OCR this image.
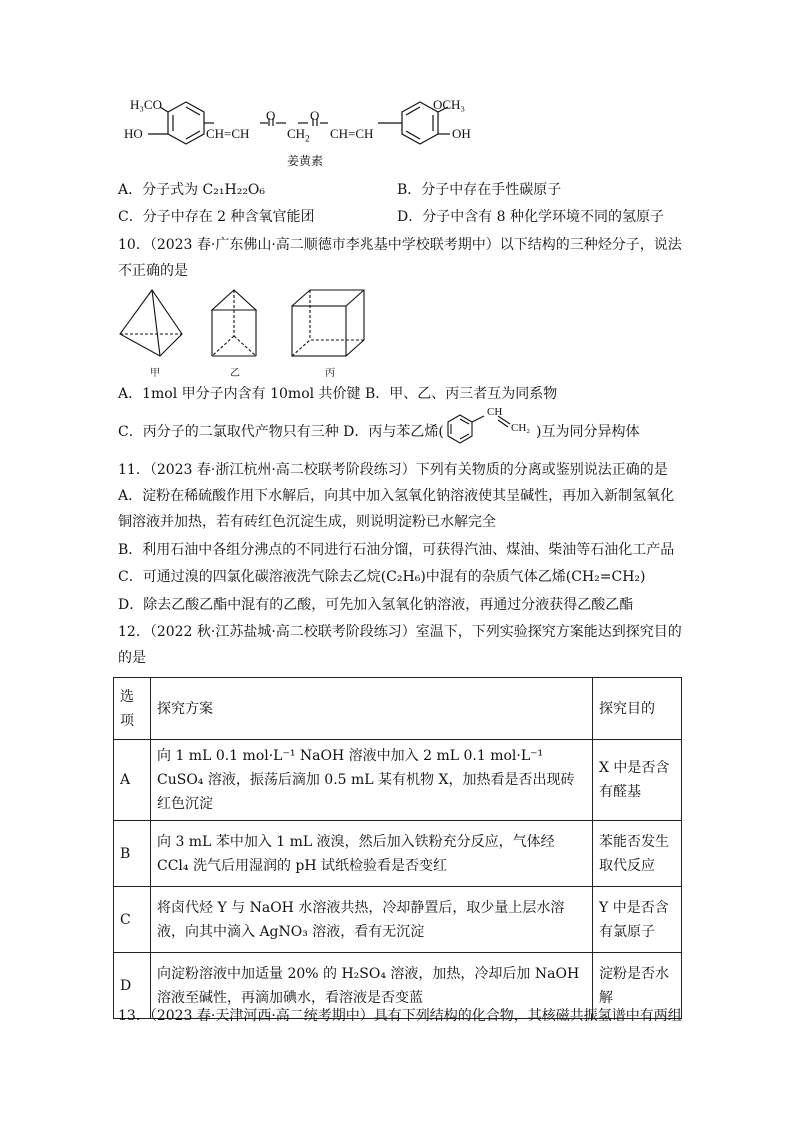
H₃CO
HO	CH=CH
O
$CH_2$
O
CH=CH
OCH₃
OH
姜黄素
A．分子式为 C₂₁H₂₂O₆	B．分子中存在手性碳原子
C．分子中存在 2 种含氧官能团	D．分子中含有 8 种化学环境不同的氢原子
10．（2023 春·广东佛山·高二顺德市李兆基中学校联考期中）以下结构的三种烃分子，说法
不正确的是
甲	乙	丙
A．1mol 甲分子内含有 10mol 共价键 B．甲、乙、丙三者互为同系物
C．丙分子的二氯取代产物只有三种 D．丙与苯乙烯(
CH
CH₂ )互为同分异构体
11．（2023 春·浙江杭州·高二校联考阶段练习）下列有关物质的分离或鉴别说法正确的是
A．淀粉在稀硫酸作用下水解后，向其中加入氢氧化钠溶液使其呈碱性，再加入新制氢氧化
铜溶液并加热，若有砖红色沉淀生成，则说明淀粉已水解完全
B．利用石油中各组分沸点的不同进行石油分馏，可获得汽油、煤油、柴油等石油化工产品
C．可通过溴的四氯化碳溶液洗气除去乙烷(C₂H₆)中混有的杂质气体乙烯(CH₂=CH₂)
D．除去乙酸乙酯中混有的乙酸，可先加入氢氧化钠溶液，再通过分液获得乙酸乙酯
12．（2022 秋·江苏盐城·高二校联考阶段练习）室温下，下列实验探究方案能达到探究目的
的是
选项	探究方案	探究目的
A	向 1 mL 0.1 mol·L⁻¹ NaOH 溶液中加入 2 mL 0.1 mol·L⁻¹ CuSO₄ 溶液，振荡后滴加 0.5 mL 某有机物 X，加热看是否出现砖红色沉淀	X 中是否含有醛基
B	向 3 mL 苯中加入 1 mL 液溴，然后加入铁粉充分反应，气体经 CCl₄ 洗气后用湿润的 pH 试纸检验看是否变红	苯能否发生取代反应
C	将卤代烃 Y 与 NaOH 水溶液共热，冷却静置后，取少量上层水溶液，向其中滴入 AgNO₃ 溶液，看有无沉淀	Y 中是否含有氯原子
D	向淀粉溶液中加适量 20% 的 H₂SO₄ 溶液，加热，冷却后加 NaOH 溶液至碱性，再滴加碘水，看溶液是否变蓝	淀粉是否水解
13．（2023 春·天津河西·高二统考期中）具有下列结构的化合物，其核磁共振氢谱中有两组
